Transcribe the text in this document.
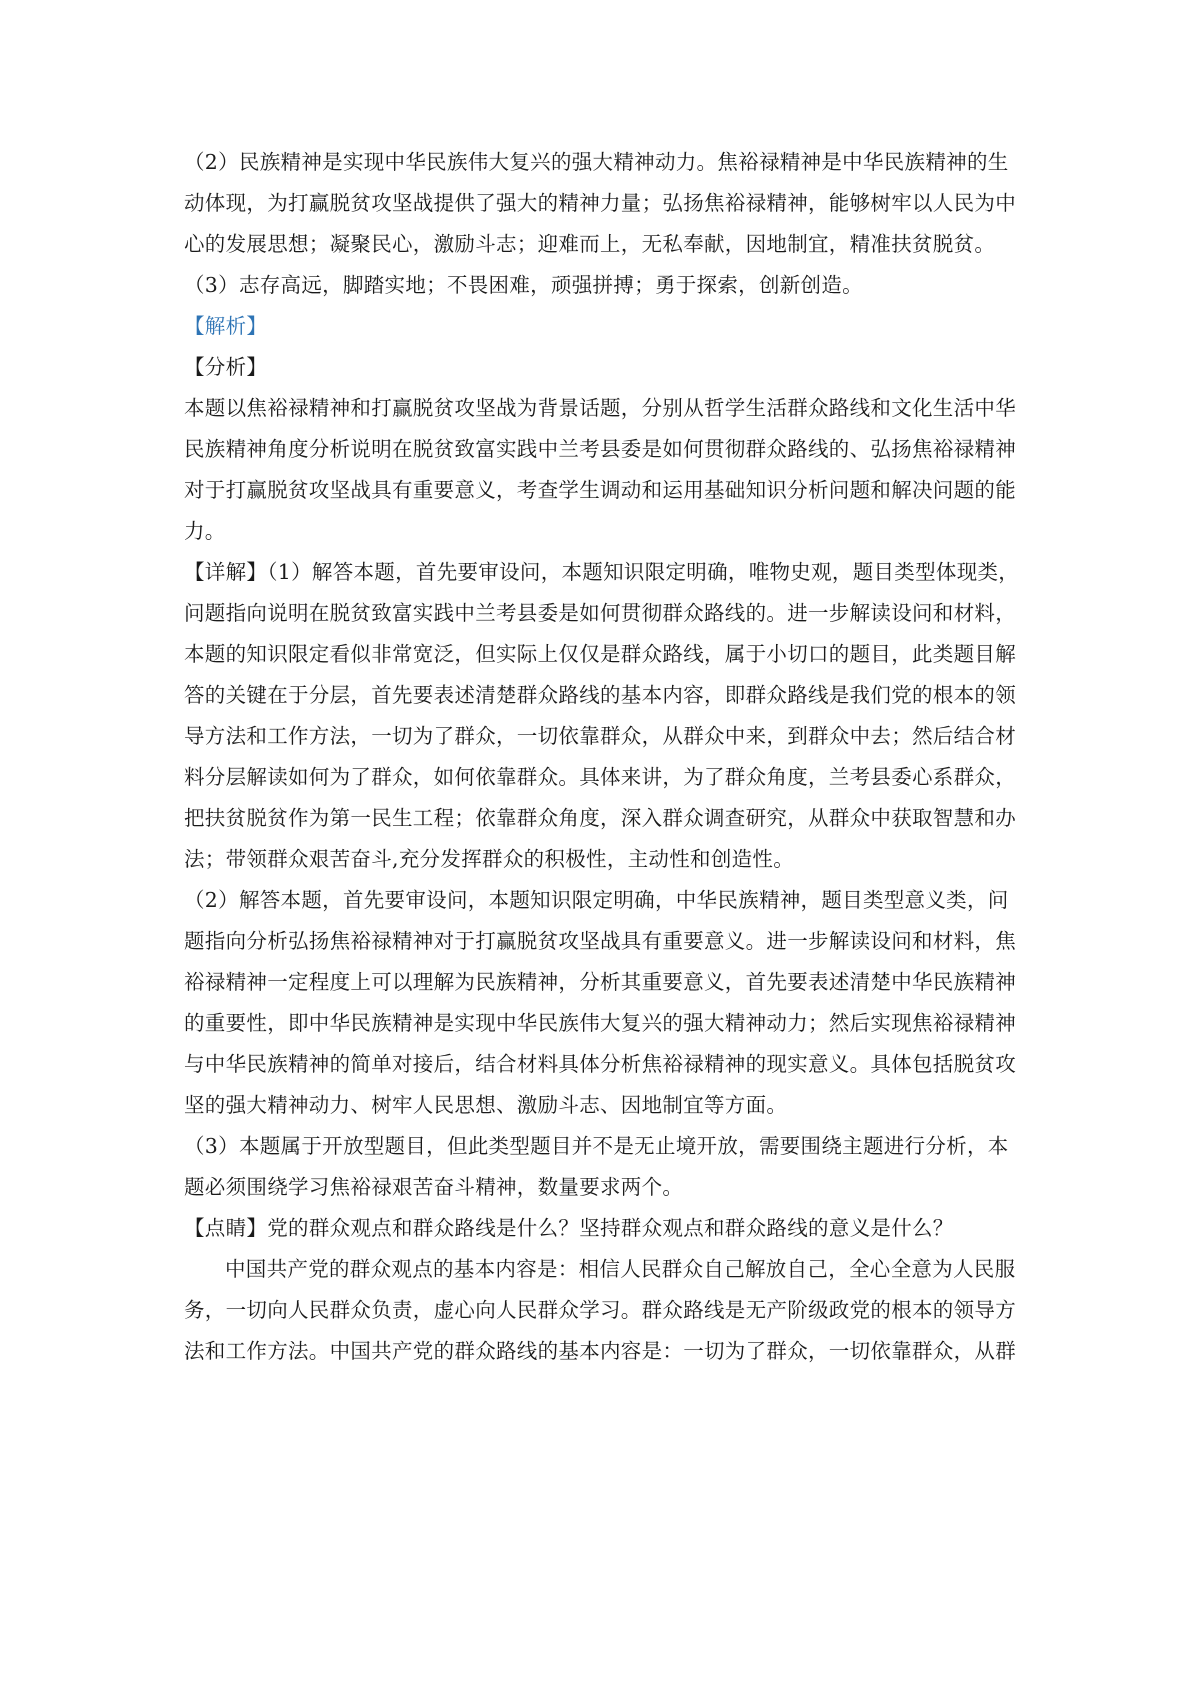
（2）民族精神是实现中华民族伟大复兴的强大精神动力。焦裕禄精神是中华民族精神的生
动体现，为打赢脱贫攻坚战提供了强大的精神力量；弘扬焦裕禄精神，能够树牢以人民为中
心的发展思想；凝聚民心，激励斗志；迎难而上，无私奉献，因地制宜，精准扶贫脱贫。

（3）志存高远，脚踏实地；不畏困难，顽强拼搏；勇于探索，创新创造。

【解析】

【分析】

本题以焦裕禄精神和打赢脱贫攻坚战为背景话题，分别从哲学生活群众路线和文化生活中华
民族精神角度分析说明在脱贫致富实践中兰考县委是如何贯彻群众路线的、弘扬焦裕禄精神
对于打赢脱贫攻坚战具有重要意义，考查学生调动和运用基础知识分析问题和解决问题的能
力。

【详解】（1）解答本题，首先要审设问，本题知识限定明确，唯物史观，题目类型体现类，
问题指向说明在脱贫致富实践中兰考县委是如何贯彻群众路线的。进一步解读设问和材料，
本题的知识限定看似非常宽泛，但实际上仅仅是群众路线，属于小切口的题目，此类题目解
答的关键在于分层，首先要表述清楚群众路线的基本内容，即群众路线是我们党的根本的领
导方法和工作方法，一切为了群众，一切依靠群众，从群众中来，到群众中去；然后结合材
料分层解读如何为了群众，如何依靠群众。具体来讲，为了群众角度，兰考县委心系群众，
把扶贫脱贫作为第一民生工程；依靠群众角度，深入群众调查研究，从群众中获取智慧和办
法；带领群众艰苦奋斗,充分发挥群众的积极性，主动性和创造性。

（2）解答本题，首先要审设问，本题知识限定明确，中华民族精神，题目类型意义类，问
题指向分析弘扬焦裕禄精神对于打赢脱贫攻坚战具有重要意义。进一步解读设问和材料，焦
裕禄精神一定程度上可以理解为民族精神，分析其重要意义，首先要表述清楚中华民族精神
的重要性，即中华民族精神是实现中华民族伟大复兴的强大精神动力；然后实现焦裕禄精神
与中华民族精神的简单对接后，结合材料具体分析焦裕禄精神的现实意义。具体包括脱贫攻
坚的强大精神动力、树牢人民思想、激励斗志、因地制宜等方面。

（3）本题属于开放型题目，但此类型题目并不是无止境开放，需要围绕主题进行分析，本
题必须围绕学习焦裕禄艰苦奋斗精神，数量要求两个。

【点睛】党的群众观点和群众路线是什么？坚持群众观点和群众路线的意义是什么？

中国共产党的群众观点的基本内容是：相信人民群众自己解放自己，全心全意为人民服
务，一切向人民群众负责，虚心向人民群众学习。群众路线是无产阶级政党的根本的领导方
法和工作方法。中国共产党的群众路线的基本内容是：一切为了群众，一切依靠群众，从群
